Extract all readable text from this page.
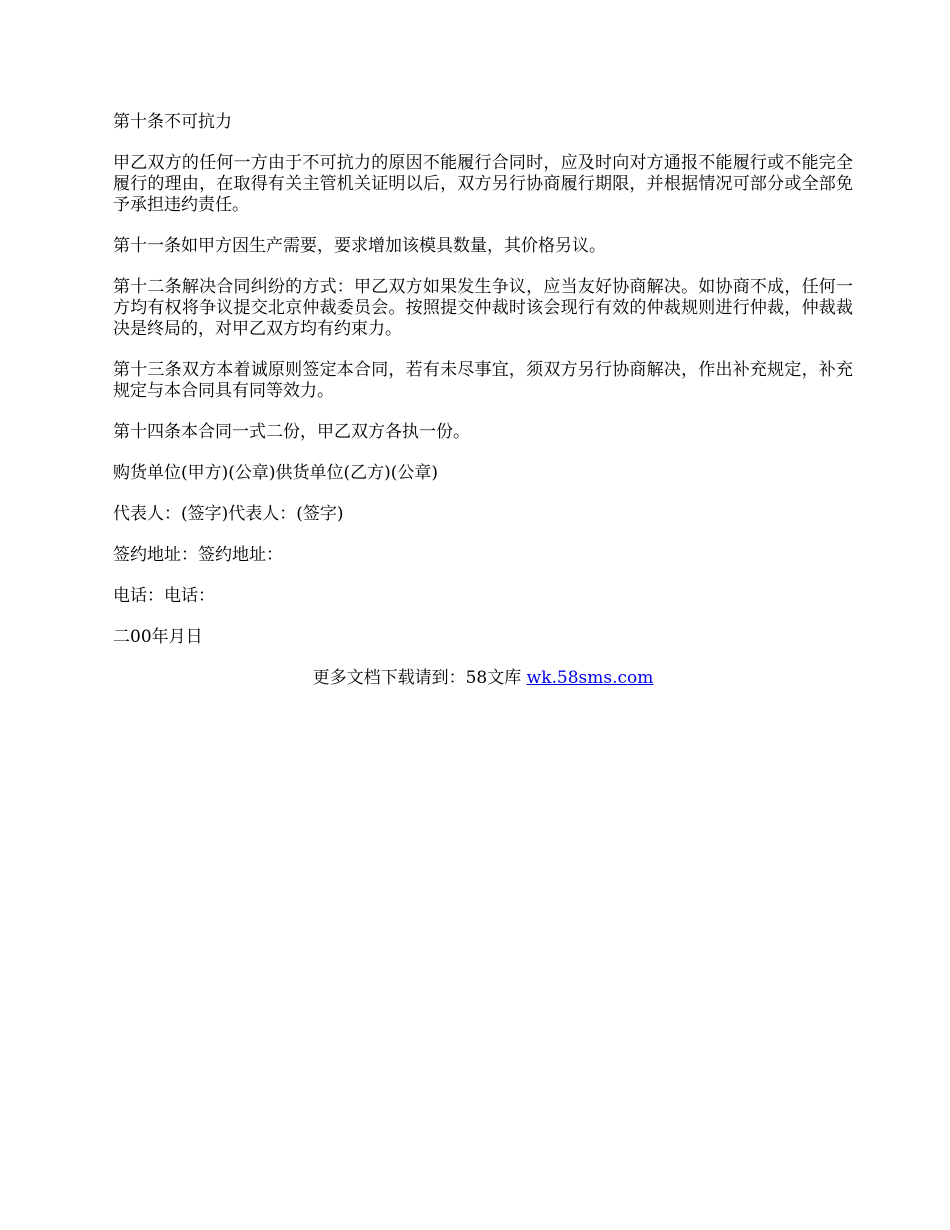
第十条不可抗力

甲乙双方的任何一方由于不可抗力的原因不能履行合同时，应及时向对方通报不能履行或不能完全履行的理由，在取得有关主管机关证明以后，双方另行协商履行期限，并根据情况可部分或全部免予承担违约责任。

第十一条如甲方因生产需要，要求增加该模具数量，其价格另议。

第十二条解决合同纠纷的方式：甲乙双方如果发生争议，应当友好协商解决。如协商不成，任何一方均有权将争议提交北京仲裁委员会。按照提交仲裁时该会现行有效的仲裁规则进行仲裁，仲裁裁决是终局的，对甲乙双方均有约束力。

第十三条双方本着诚原则签定本合同，若有未尽事宜，须双方另行协商解决，作出补充规定，补充规定与本合同具有同等效力。

第十四条本合同一式二份，甲乙双方各执一份。

购货单位(甲方)(公章)供货单位(乙方)(公章)

代表人：(签字)代表人：(签字)

签约地址：签约地址：

电话：电话：

二00年月日

更多文档下载请到：58文库 wk.58sms.com
